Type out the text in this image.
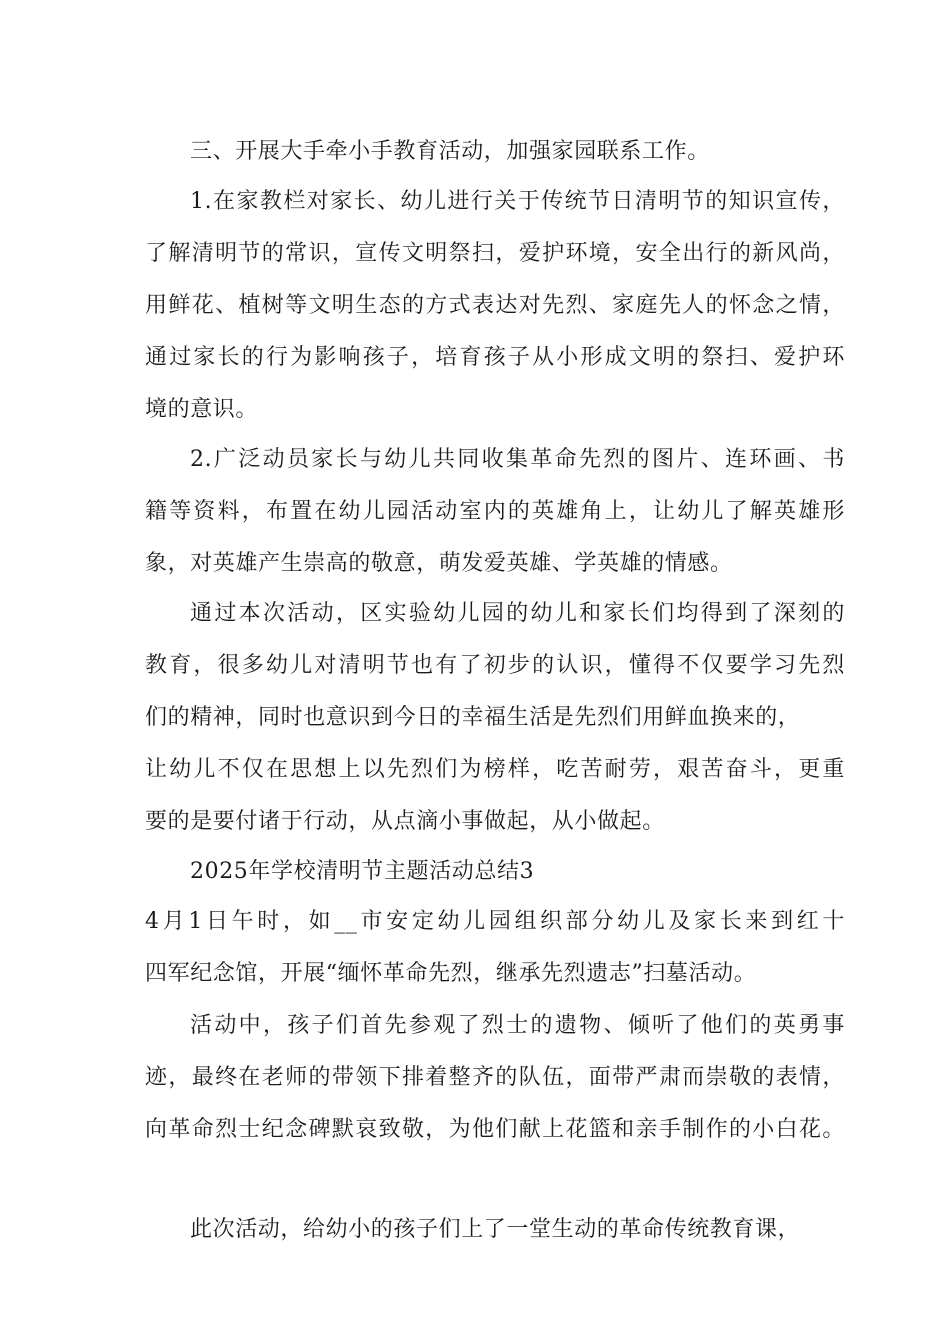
三、开展大手牵小手教育活动，加强家园联系工作。
1.在家教栏对家长、幼儿进行关于传统节日清明节的知识宣传，
了解清明节的常识，宣传文明祭扫，爱护环境，安全出行的新风尚，
用鲜花、植树等文明生态的方式表达对先烈、家庭先人的怀念之情，
通过家长的行为影响孩子，培育孩子从小形成文明的祭扫、爱护环
境的意识。
2.广泛动员家长与幼儿共同收集革命先烈的图片、连环画、书
籍等资料，布置在幼儿园活动室内的英雄角上，让幼儿了解英雄形
象，对英雄产生崇高的敬意，萌发爱英雄、学英雄的情感。
通过本次活动，区实验幼儿园的幼儿和家长们均得到了深刻的
教育，很多幼儿对清明节也有了初步的认识，懂得不仅要学习先烈
们的精神，同时也意识到今日的幸福生活是先烈们用鲜血换来的，
让幼儿不仅在思想上以先烈们为榜样，吃苦耐劳，艰苦奋斗，更重
要的是要付诸于行动，从点滴小事做起，从小做起。
2025年学校清明节主题活动总结3
4月1日午时，如__市安定幼儿园组织部分幼儿及家长来到红十
四军纪念馆，开展“缅怀革命先烈，继承先烈遗志”扫墓活动。
活动中，孩子们首先参观了烈士的遗物、倾听了他们的英勇事
迹，最终在老师的带领下排着整齐的队伍，面带严肃而崇敬的表情，
向革命烈士纪念碑默哀致敬，为他们献上花篮和亲手制作的小白花。
此次活动，给幼小的孩子们上了一堂生动的革命传统教育课，
